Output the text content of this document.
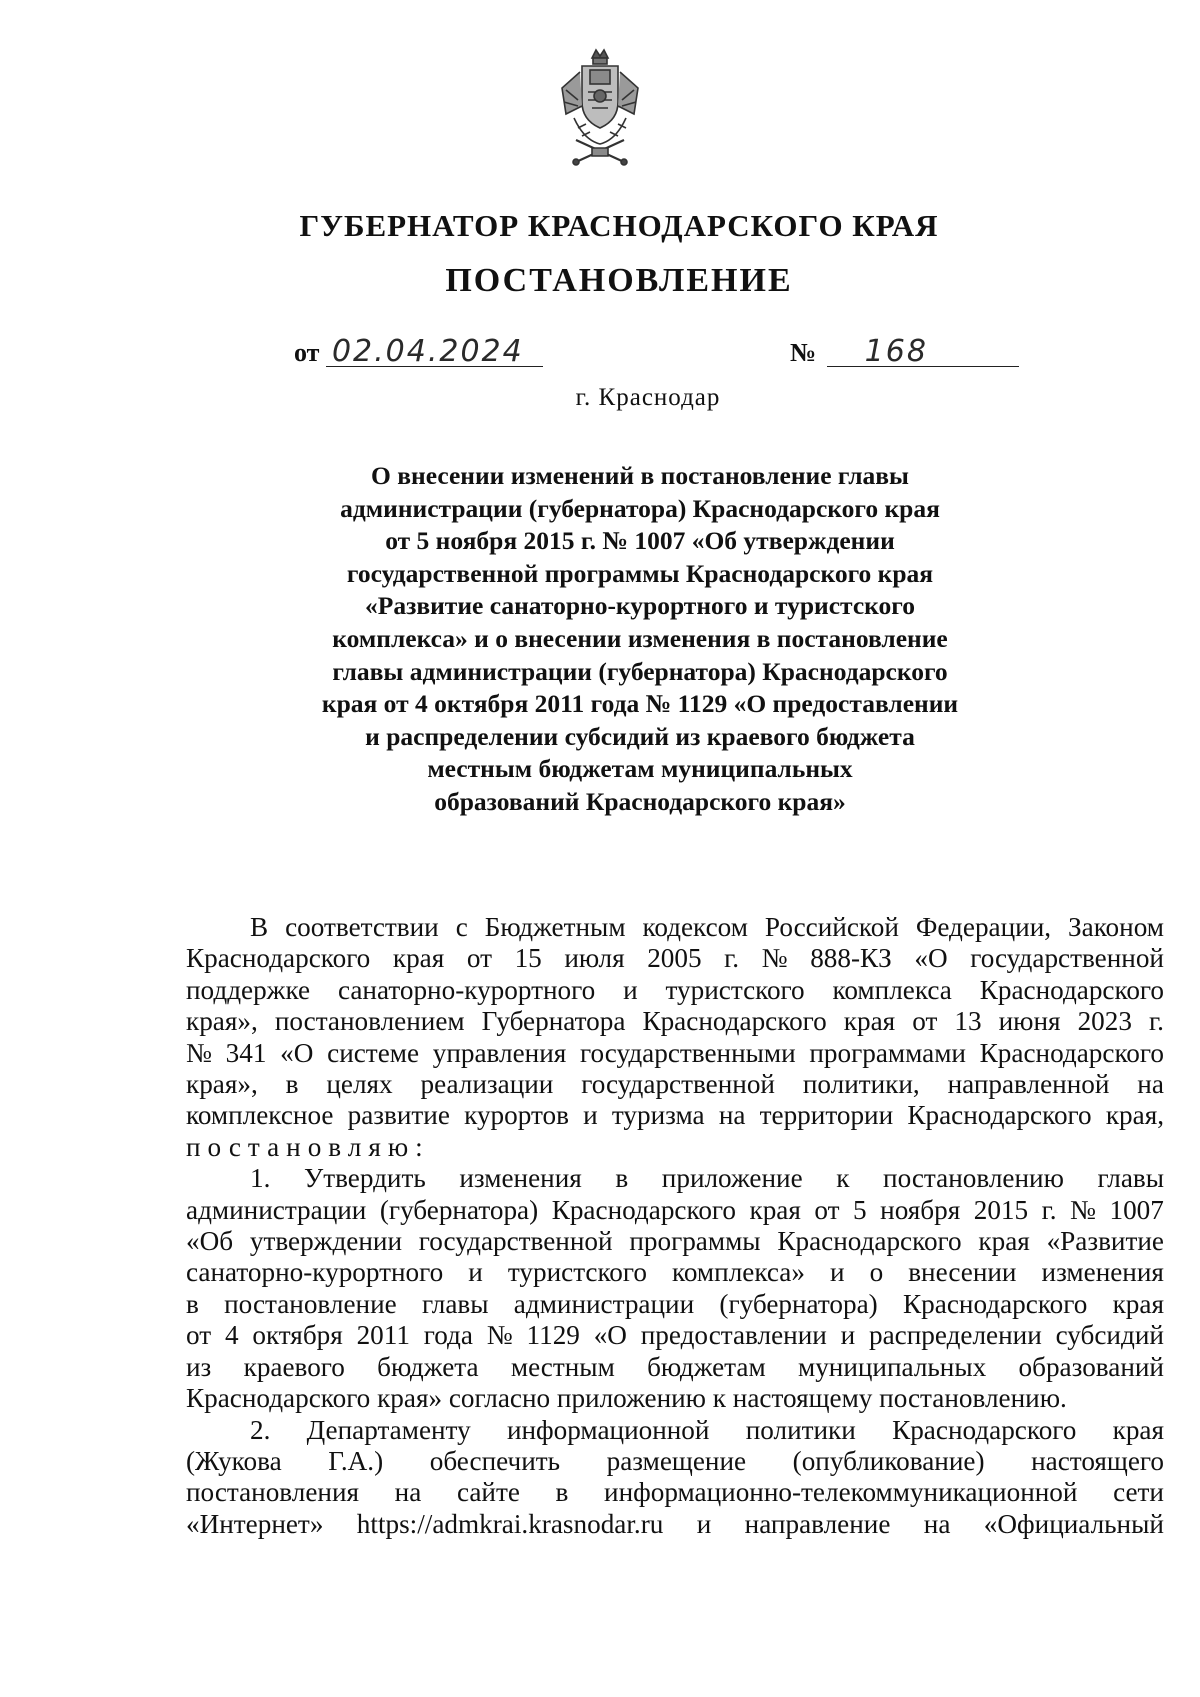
ГУБЕРНАТОР КРАСНОДАРСКОГО КРАЯ
ПОСТАНОВЛЕНИЕ
от 02.04.2024	№ 168
г. Краснодар
О внесении изменений в постановление главы
администрации (губернатора) Краснодарского края
от 5 ноября 2015 г. № 1007 «Об утверждении
государственной программы Краснодарского края
«Развитие санаторно-курортного и туристского
комплекса» и о внесении изменения в постановление
главы администрации (губернатора) Краснодарского
края от 4 октября 2011 года № 1129 «О предоставлении
и распределении субсидий из краевого бюджета
местным бюджетам муниципальных
образований Краснодарского края»
В соответствии с Бюджетным кодексом Российской Федерации, Законом
Краснодарского края от 15 июля 2005 г. № 888-КЗ «О государственной
поддержке санаторно-курортного и туристского комплекса Краснодарского
края», постановлением Губернатора Краснодарского края от 13 июня 2023 г.
№ 341 «О системе управления государственными программами Краснодарского
края», в целях реализации государственной политики, направленной на
комплексное развитие курортов и туризма на территории Краснодарского края,
постановляю:
1. Утвердить изменения в приложение к постановлению главы
администрации (губернатора) Краснодарского края от 5 ноября 2015 г. № 1007
«Об утверждении государственной программы Краснодарского края «Развитие
санаторно-курортного и туристского комплекса» и о внесении изменения
в постановление главы администрации (губернатора) Краснодарского края
от 4 октября 2011 года № 1129 «О предоставлении и распределении субсидий
из краевого бюджета местным бюджетам муниципальных образований
Краснодарского края» согласно приложению к настоящему постановлению.
2. Департаменту информационной политики Краснодарского края
(Жукова Г.А.) обеспечить размещение (опубликование) настоящего
постановления на сайте в информационно-телекоммуникационной сети
«Интернет» https://admkrai.krasnodar.ru и направление на «Официальный
